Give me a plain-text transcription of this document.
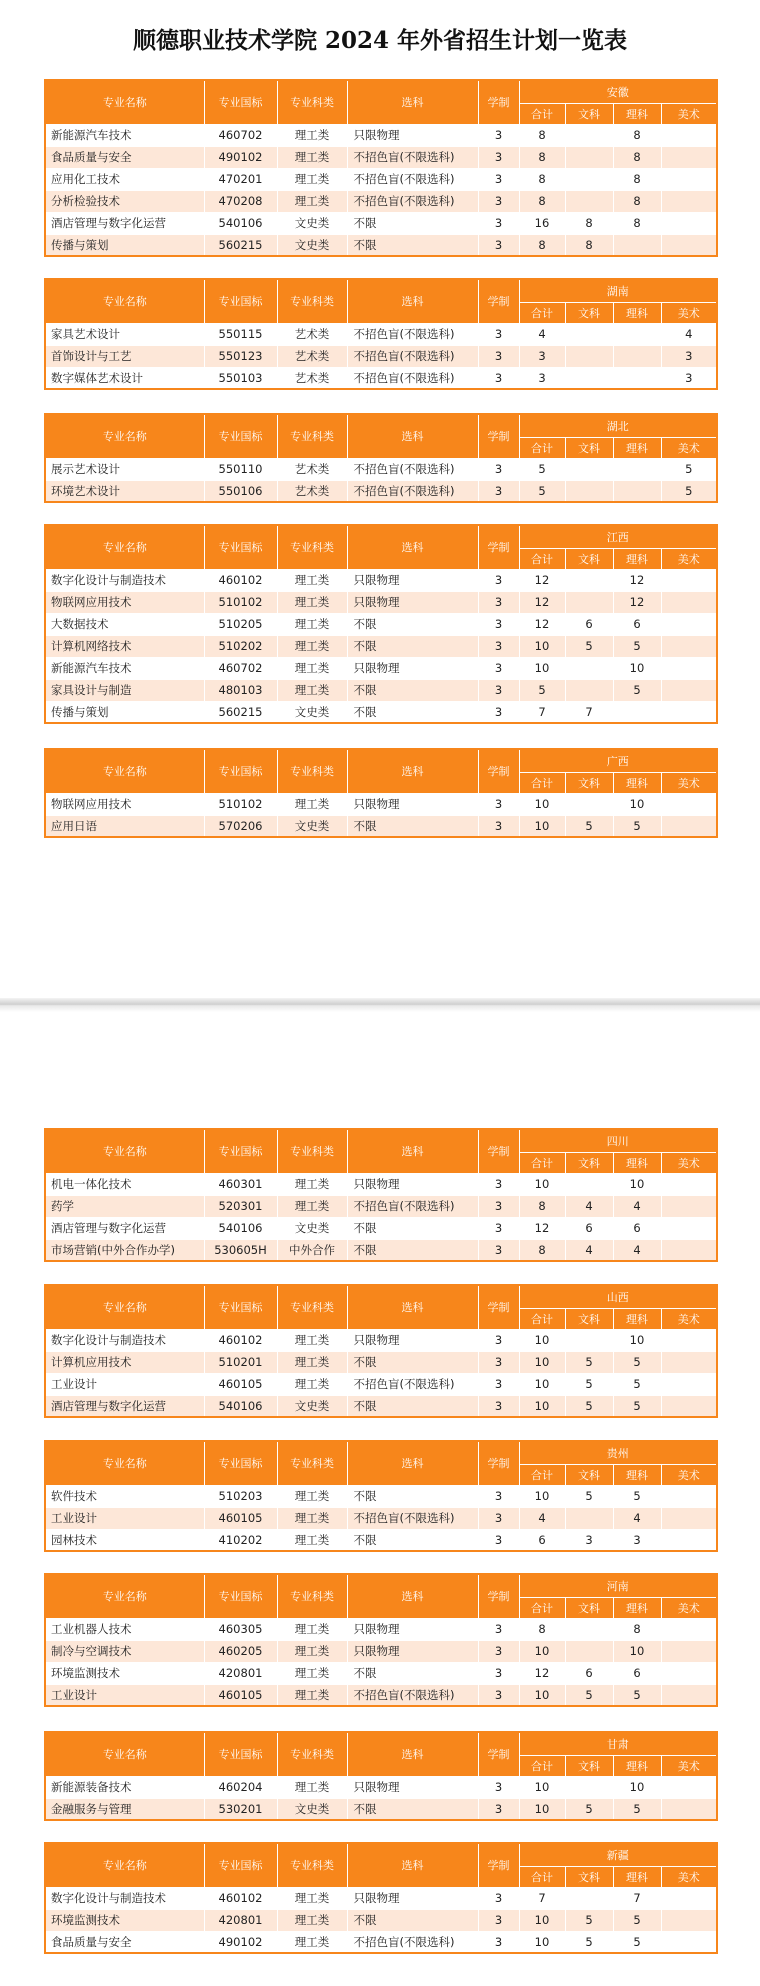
顺德职业技术学院 2024 年外省招生计划一览表
专业名称	专业国标	专业科类	选科	学制	安徽			
					合计	文科	理科	美术
新能源汽车技术	460702	理工类	只限物理	3	8		8	
食品质量与安全	490102	理工类	不招色盲(不限选科)	3	8		8	
应用化工技术	470201	理工类	不招色盲(不限选科)	3	8		8	
分析检验技术	470208	理工类	不招色盲(不限选科)	3	8		8	
酒店管理与数字化运营	540106	文史类	不限	3	16	8	8	
传播与策划	560215	文史类	不限	3	8	8		
专业名称	专业国标	专业科类	选科	学制	湖南			
					合计	文科	理科	美术
家具艺术设计	550115	艺术类	不招色盲(不限选科)	3	4			4
首饰设计与工艺	550123	艺术类	不招色盲(不限选科)	3	3			3
数字媒体艺术设计	550103	艺术类	不招色盲(不限选科)	3	3			3
专业名称	专业国标	专业科类	选科	学制	湖北			
					合计	文科	理科	美术
展示艺术设计	550110	艺术类	不招色盲(不限选科)	3	5			5
环境艺术设计	550106	艺术类	不招色盲(不限选科)	3	5			5
专业名称	专业国标	专业科类	选科	学制	江西			
					合计	文科	理科	美术
数字化设计与制造技术	460102	理工类	只限物理	3	12		12	
物联网应用技术	510102	理工类	只限物理	3	12		12	
大数据技术	510205	理工类	不限	3	12	6	6	
计算机网络技术	510202	理工类	不限	3	10	5	5	
新能源汽车技术	460702	理工类	只限物理	3	10		10	
家具设计与制造	480103	理工类	不限	3	5		5	
传播与策划	560215	文史类	不限	3	7	7		
专业名称	专业国标	专业科类	选科	学制	广西			
					合计	文科	理科	美术
物联网应用技术	510102	理工类	只限物理	3	10		10	
应用日语	570206	文史类	不限	3	10	5	5	
专业名称	专业国标	专业科类	选科	学制	四川			
					合计	文科	理科	美术
机电一体化技术	460301	理工类	只限物理	3	10		10	
药学	520301	理工类	不招色盲(不限选科)	3	8	4	4	
酒店管理与数字化运营	540106	文史类	不限	3	12	6	6	
市场营销(中外合作办学)	530605H	中外合作	不限	3	8	4	4	
专业名称	专业国标	专业科类	选科	学制	山西			
					合计	文科	理科	美术
数字化设计与制造技术	460102	理工类	只限物理	3	10		10	
计算机应用技术	510201	理工类	不限	3	10	5	5	
工业设计	460105	理工类	不招色盲(不限选科)	3	10	5	5	
酒店管理与数字化运营	540106	文史类	不限	3	10	5	5	
专业名称	专业国标	专业科类	选科	学制	贵州			
					合计	文科	理科	美术
软件技术	510203	理工类	不限	3	10	5	5	
工业设计	460105	理工类	不招色盲(不限选科)	3	4		4	
园林技术	410202	理工类	不限	3	6	3	3	
专业名称	专业国标	专业科类	选科	学制	河南			
					合计	文科	理科	美术
工业机器人技术	460305	理工类	只限物理	3	8		8	
制冷与空调技术	460205	理工类	只限物理	3	10		10	
环境监测技术	420801	理工类	不限	3	12	6	6	
工业设计	460105	理工类	不招色盲(不限选科)	3	10	5	5	
专业名称	专业国标	专业科类	选科	学制	甘肃			
					合计	文科	理科	美术
新能源装备技术	460204	理工类	只限物理	3	10		10	
金融服务与管理	530201	文史类	不限	3	10	5	5	
专业名称	专业国标	专业科类	选科	学制	新疆			
					合计	文科	理科	美术
数字化设计与制造技术	460102	理工类	只限物理	3	7		7	
环境监测技术	420801	理工类	不限	3	10	5	5	
食品质量与安全	490102	理工类	不招色盲(不限选科)	3	10	5	5	
